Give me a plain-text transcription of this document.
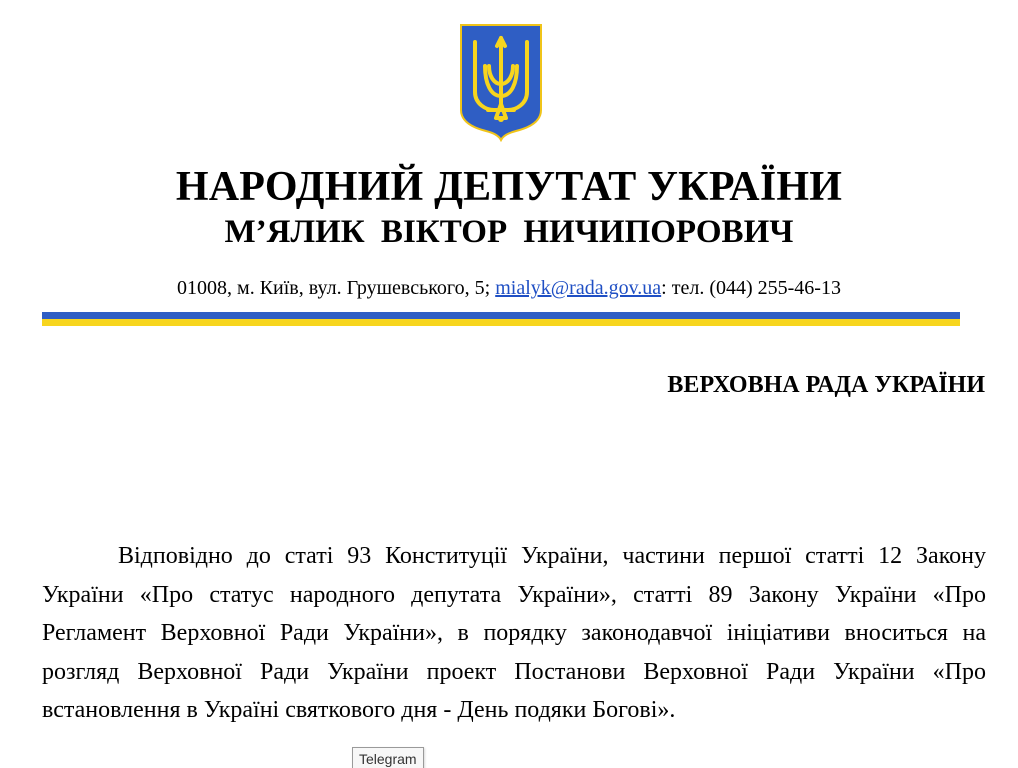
НАРОДНИЙ ДЕПУТАТ УКРАЇНИ
М’ЯЛИК ВІКТОР НИЧИПОРОВИЧ
01008, м. Київ, вул. Грушевського, 5; mialyk@rada.gov.ua: тел. (044) 255-46-13
ВЕРХОВНА РАДА УКРАЇНИ

Відповідно до статі 93 Конституції України, частини першої статті 12 Закону України «Про статус народного депутата України», статті 89 Закону України «Про Регламент Верховної Ради України», в порядку законодавчої ініціативи вноситься на розгляд Верховної Ради України проект Постанови Верховної Ради України «Про встановлення в Україні святкового дня - День подяки Богові».

Telegram
